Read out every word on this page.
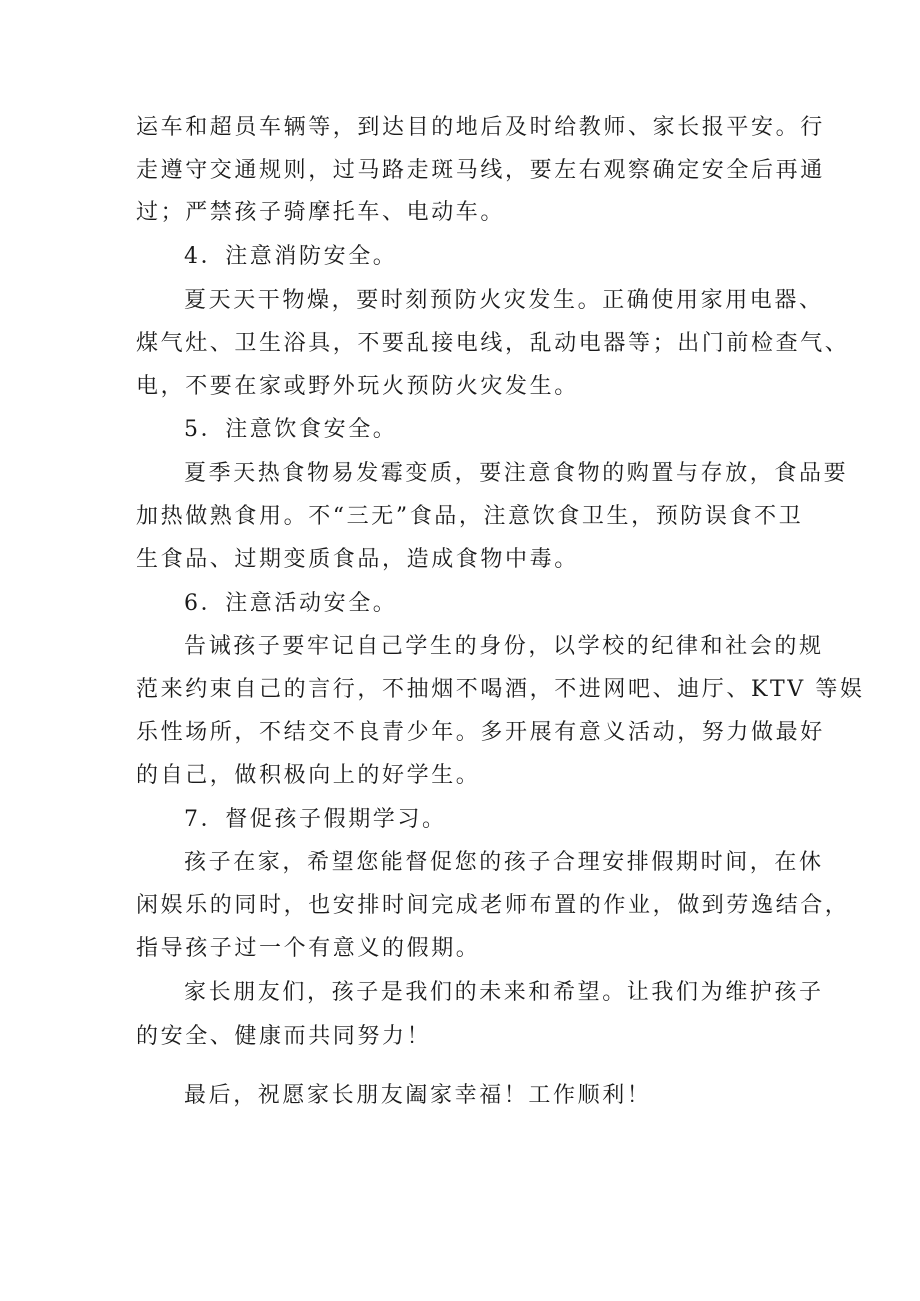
运车和超员车辆等，到达目的地后及时给教师、家长报平安。行
走遵守交通规则，过马路走斑马线，要左右观察确定安全后再通
过；严禁孩子骑摩托车、电动车。
4．注意消防安全。
夏天天干物燥，要时刻预防火灾发生。正确使用家用电器、
煤气灶、卫生浴具，不要乱接电线，乱动电器等；出门前检查气、
电，不要在家或野外玩火预防火灾发生。
5．注意饮食安全。
夏季天热食物易发霉变质，要注意食物的购置与存放，食品要
加热做熟食用。不“三无”食品，注意饮食卫生，预防误食不卫
生食品、过期变质食品，造成食物中毒。
6．注意活动安全。
告诫孩子要牢记自己学生的身份，以学校的纪律和社会的规
范来约束自己的言行，不抽烟不喝酒，不进网吧、迪厅、KTV 等娱
乐性场所，不结交不良青少年。多开展有意义活动，努力做最好
的自己，做积极向上的好学生。
7．督促孩子假期学习。
孩子在家，希望您能督促您的孩子合理安排假期时间，在休
闲娱乐的同时，也安排时间完成老师布置的作业，做到劳逸结合，
指导孩子过一个有意义的假期。
家长朋友们，孩子是我们的未来和希望。让我们为维护孩子
的安全、健康而共同努力！
最后，祝愿家长朋友阖家幸福！工作顺利！
